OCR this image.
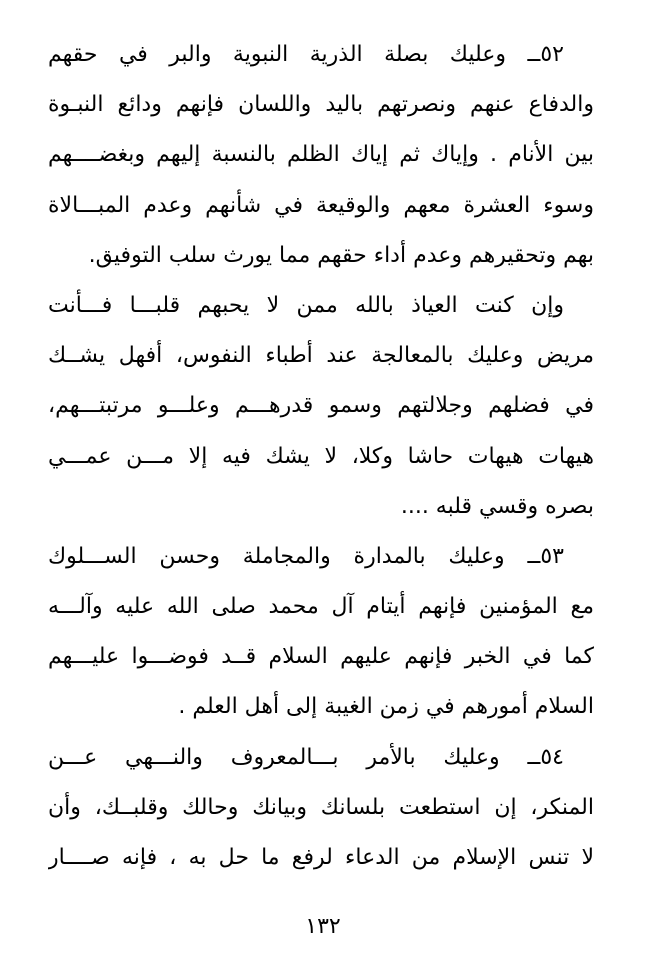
٥٢ــ وعليك بصلة الذرية النبوية والبر في حقهم
والدفاع عنهم ونصرتهم باليد واللسان فإنهم ودائع النبـوة
بين الأنام . وإياك ثم إياك الظلم بالنسبة إليهم وبغضــــهم
وسوء العشرة معهم والوقيعة في شأنهم وعدم المبـــالاة
بهم وتحقيرهم وعدم أداء حقهم مما يورث سلب التوفيق.
وإن كنت العياذ بالله ممن لا يحبهم قلبـــا فـــأنت
مريض وعليك بالمعالجة عند أطباء النفوس، أفهل يشــك
في فضلهم وجلالتهم وسمو قدرهـــم وعلـــو مرتبتـــهم،
هيهات هيهات حاشا وكلا، لا يشك فيه إلا مـــن عمـــي
بصره وقسي قلبه ....
٥٣ــ وعليك بالمدارة والمجاملة وحسن الســـلوك
مع المؤمنين فإنهم أيتام آل محمد صلى الله عليه وآلـــه
كما في الخبر فإنهم عليهم السلام قــد فوضـــوا عليـــهم
السلام أمورهم في زمن الغيبة إلى أهل العلم .
٥٤ــ وعليك بالأمر بـــالمعروف والنـــهي عـــن
المنكر، إن استطعت بلسانك وبيانك وحالك وقلبــك، وأن
لا تنس الإسلام من الدعاء لرفع ما حل به ، فإنه صــــار
١٣٢
